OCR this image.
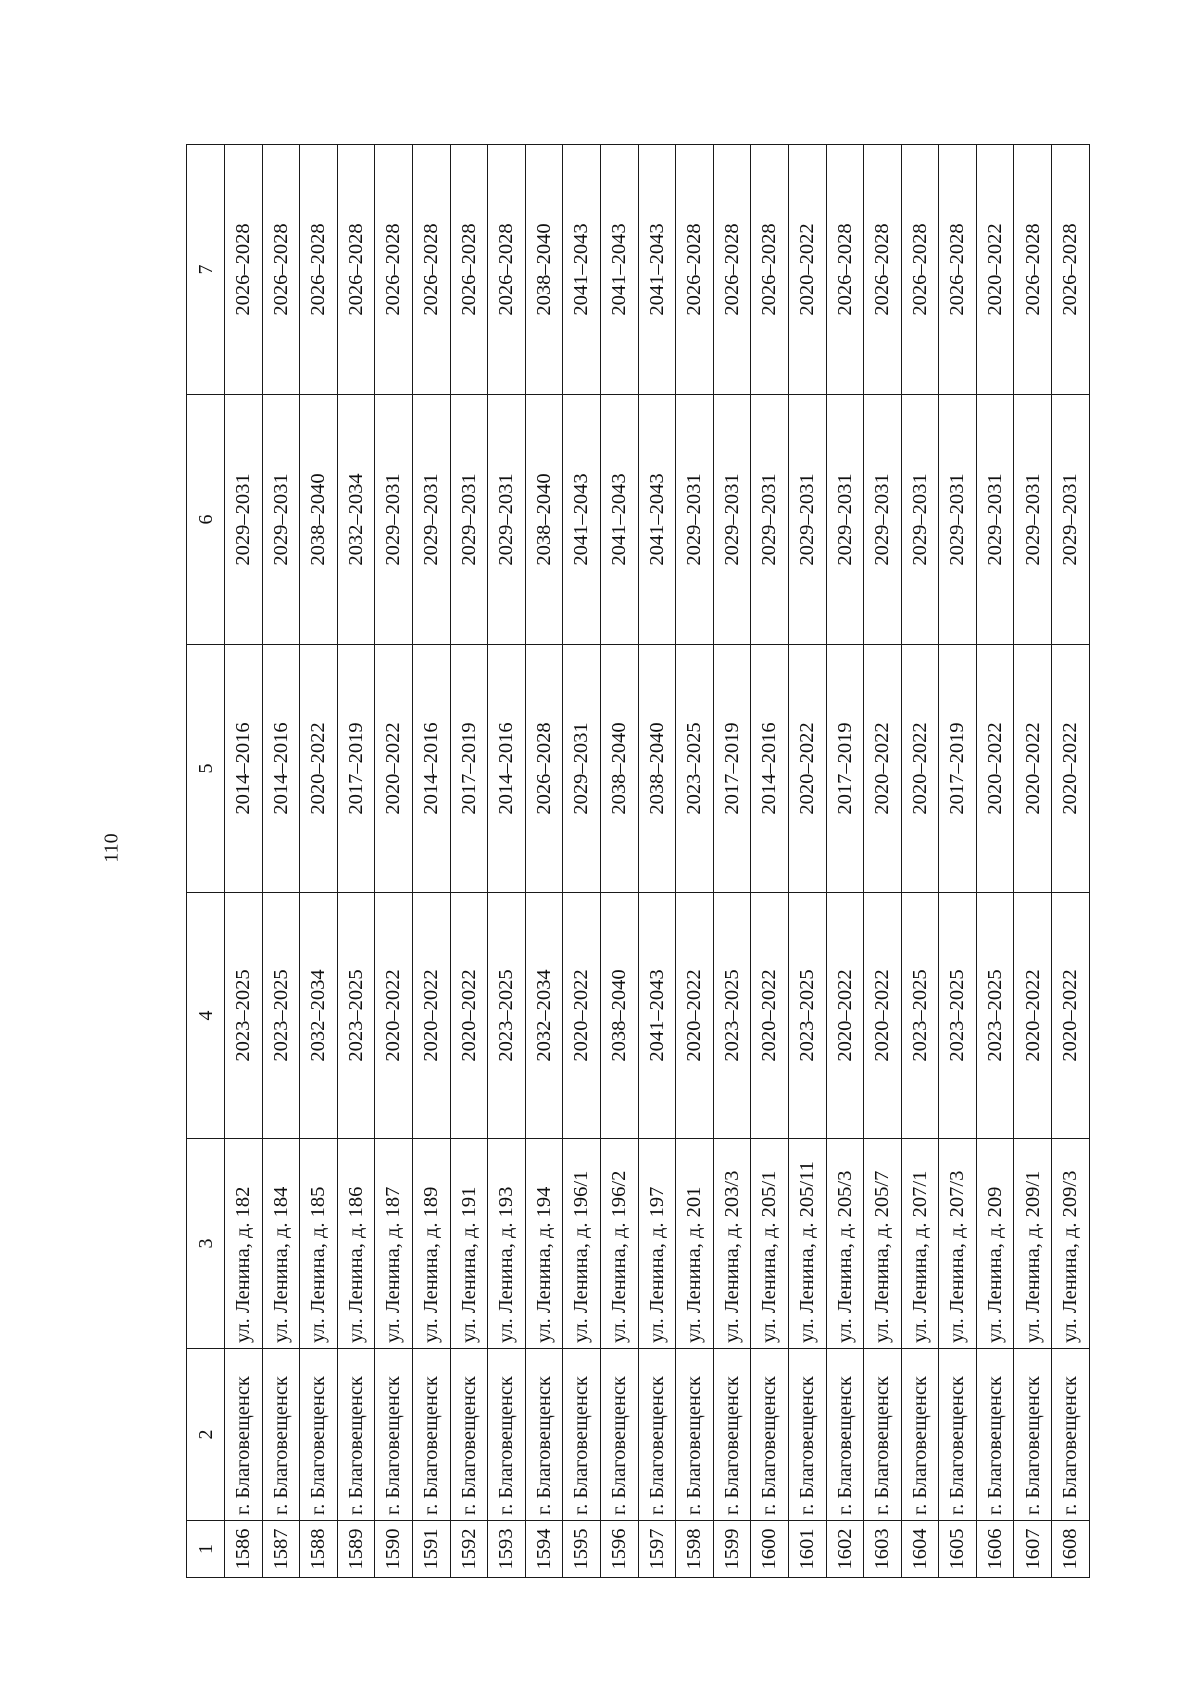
110
1	2	3	4	5	6	7
1586	г. Благовещенск	ул. Ленина, д. 182	2023–2025	2014–2016	2029–2031	2026–2028
1587	г. Благовещенск	ул. Ленина, д. 184	2023–2025	2014–2016	2029–2031	2026–2028
1588	г. Благовещенск	ул. Ленина, д. 185	2032–2034	2020–2022	2038–2040	2026–2028
1589	г. Благовещенск	ул. Ленина, д. 186	2023–2025	2017–2019	2032–2034	2026–2028
1590	г. Благовещенск	ул. Ленина, д. 187	2020–2022	2020–2022	2029–2031	2026–2028
1591	г. Благовещенск	ул. Ленина, д. 189	2020–2022	2014–2016	2029–2031	2026–2028
1592	г. Благовещенск	ул. Ленина, д. 191	2020–2022	2017–2019	2029–2031	2026–2028
1593	г. Благовещенск	ул. Ленина, д. 193	2023–2025	2014–2016	2029–2031	2026–2028
1594	г. Благовещенск	ул. Ленина, д. 194	2032–2034	2026–2028	2038–2040	2038–2040
1595	г. Благовещенск	ул. Ленина, д. 196/1	2020–2022	2029–2031	2041–2043	2041–2043
1596	г. Благовещенск	ул. Ленина, д. 196/2	2038–2040	2038–2040	2041–2043	2041–2043
1597	г. Благовещенск	ул. Ленина, д. 197	2041–2043	2038–2040	2041–2043	2041–2043
1598	г. Благовещенск	ул. Ленина, д. 201	2020–2022	2023–2025	2029–2031	2026–2028
1599	г. Благовещенск	ул. Ленина, д. 203/3	2023–2025	2017–2019	2029–2031	2026–2028
1600	г. Благовещенск	ул. Ленина, д. 205/1	2020–2022	2014–2016	2029–2031	2026–2028
1601	г. Благовещенск	ул. Ленина, д. 205/11	2023–2025	2020–2022	2029–2031	2020–2022
1602	г. Благовещенск	ул. Ленина, д. 205/3	2020–2022	2017–2019	2029–2031	2026–2028
1603	г. Благовещенск	ул. Ленина, д. 205/7	2020–2022	2020–2022	2029–2031	2026–2028
1604	г. Благовещенск	ул. Ленина, д. 207/1	2023–2025	2020–2022	2029–2031	2026–2028
1605	г. Благовещенск	ул. Ленина, д. 207/3	2023–2025	2017–2019	2029–2031	2026–2028
1606	г. Благовещенск	ул. Ленина, д. 209	2023–2025	2020–2022	2029–2031	2020–2022
1607	г. Благовещенск	ул. Ленина, д. 209/1	2020–2022	2020–2022	2029–2031	2026–2028
1608	г. Благовещенск	ул. Ленина, д. 209/3	2020–2022	2020–2022	2029–2031	2026–2028
